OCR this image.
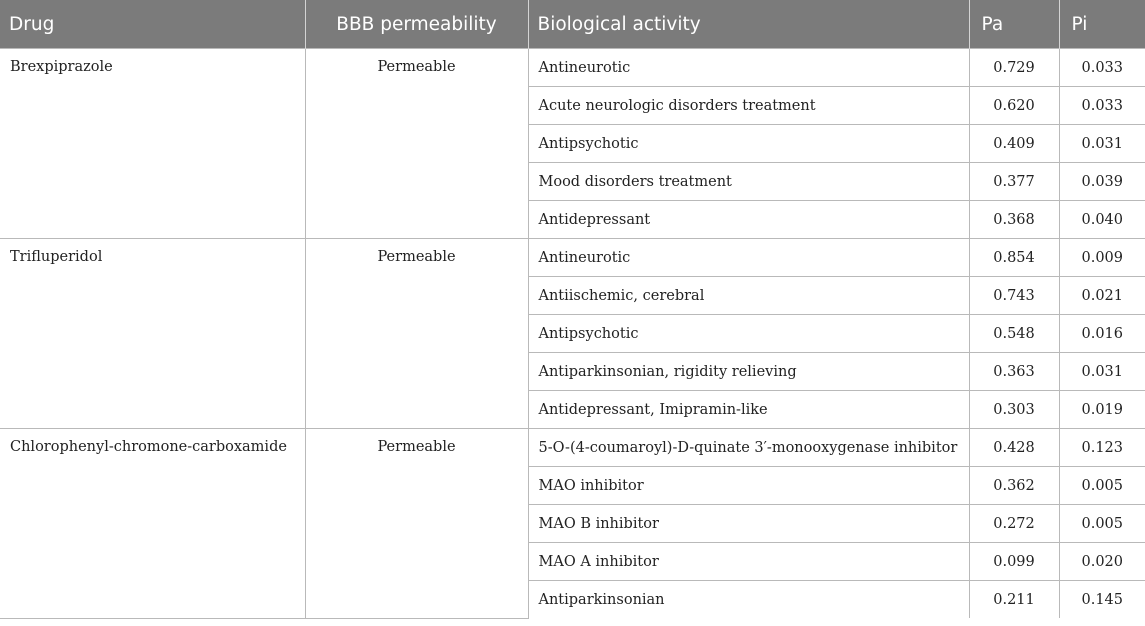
Drug	BBB permeability	Biological activity	Pa	Pi
Brexpiprazole	Permeable	Antineurotic	0.729	0.033
		Acute neurologic disorders treatment	0.620	0.033
		Antipsychotic	0.409	0.031
		Mood disorders treatment	0.377	0.039
		Antidepressant	0.368	0.040
Trifluperidol	Permeable	Antineurotic	0.854	0.009
		Antiischemic, cerebral	0.743	0.021
		Antipsychotic	0.548	0.016
		Antiparkinsonian, rigidity relieving	0.363	0.031
		Antidepressant, Imipramin-like	0.303	0.019
Chlorophenyl-chromone-carboxamide	Permeable	5-O-(4-coumaroyl)-D-quinate 3′-monooxygenase inhibitor	0.428	0.123
		MAO inhibitor	0.362	0.005
		MAO B inhibitor	0.272	0.005
		MAO A inhibitor	0.099	0.020
		Antiparkinsonian	0.211	0.145
